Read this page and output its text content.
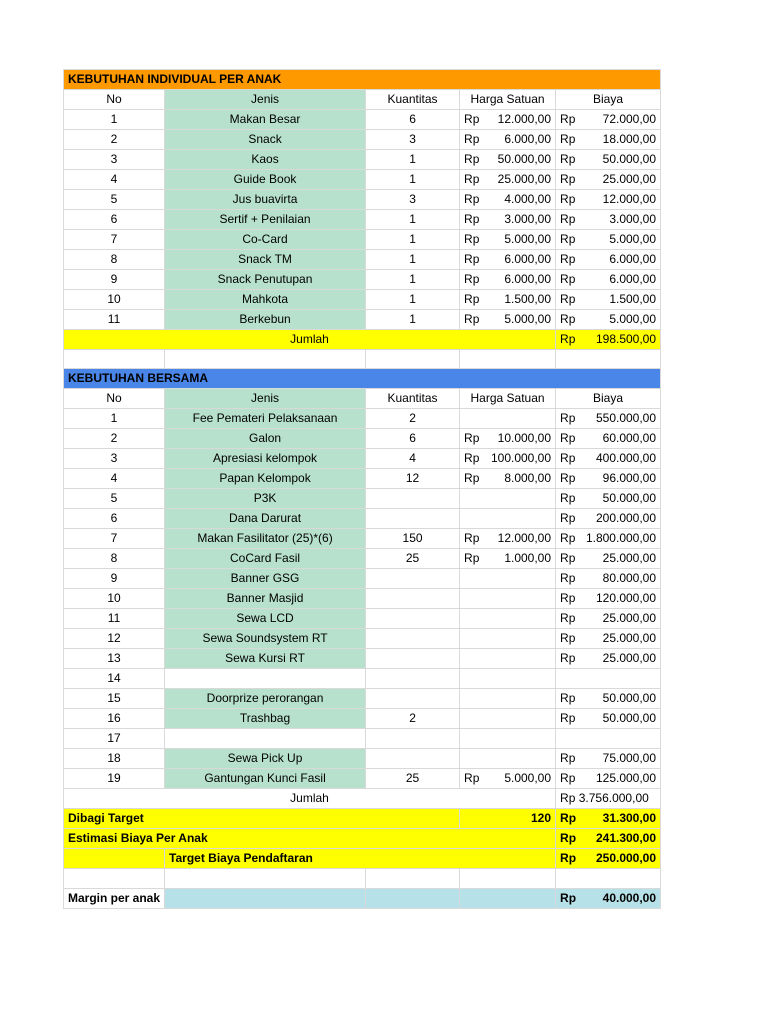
KEBUTUHAN INDIVIDUAL PER ANAK				
No	Jenis	Kuantitas	Harga Satuan	Biaya
1	Makan Besar	6	Rp 12.000,00	Rp 72.000,00

2	Snack	3	Rp 6.000,00	Rp 18.000,00

3	Kaos	1	Rp 50.000,00	Rp 50.000,00

4	Guide Book	1	Rp 25.000,00	Rp 25.000,00

5	Jus buavirta	3	Rp 4.000,00	Rp 12.000,00

6	Sertif + Penilaian	1	Rp 3.000,00	Rp 3.000,00

7	Co-Card	1	Rp 5.000,00	Rp 5.000,00

8	Snack TM	1	Rp 6.000,00	Rp 6.000,00

9	Snack Penutupan	1	Rp 6.000,00	Rp 6.000,00

10	Mahkota	1	Rp 1.500,00	Rp 1.500,00

11	Berkebun	1	Rp 5.000,00	Rp 5.000,00

Jumlah				Rp 198.500,00

KEBUTUHAN BERSAMA				
No	Jenis	Kuantitas	Harga Satuan	Biaya
1	Fee Pemateri Pelaksanaan	2		Rp 550.000,00

2	Galon	6	Rp 10.000,00	Rp 60.000,00

3	Apresiasi kelompok	4	Rp 100.000,00	Rp 400.000,00

4	Papan Kelompok	12	Rp 8.000,00	Rp 96.000,00

5	P3K			Rp 50.000,00

6	Dana Darurat			Rp 200.000,00

7	Makan Fasilitator (25)*(6)	150	Rp 12.000,00	Rp 1.800.000,00

8	CoCard Fasil	25	Rp 1.000,00	Rp 25.000,00

9	Banner GSG			Rp 80.000,00

10	Banner Masjid			Rp 120.000,00

11	Sewa LCD			Rp 25.000,00

12	Sewa Soundsystem RT			Rp 25.000,00

13	Sewa Kursi RT			Rp 25.000,00

14			

15	Doorprize perorangan			Rp 50.000,00

16	Trashbag	2		Rp 50.000,00

17			

18	Sewa Pick Up			Rp 75.000,00

19	Gantungan Kunci Fasil	25	Rp 5.000,00	Rp 125.000,00

Jumlah				Rp 3.756.000,00
Dibagi Target			120	Rp 31.300,00

Estimasi Biaya Per Anak				Rp 241.300,00

	Target Biaya Pendaftaran			Rp 250.000,00

Margin per anak				Rp 40.000,00
